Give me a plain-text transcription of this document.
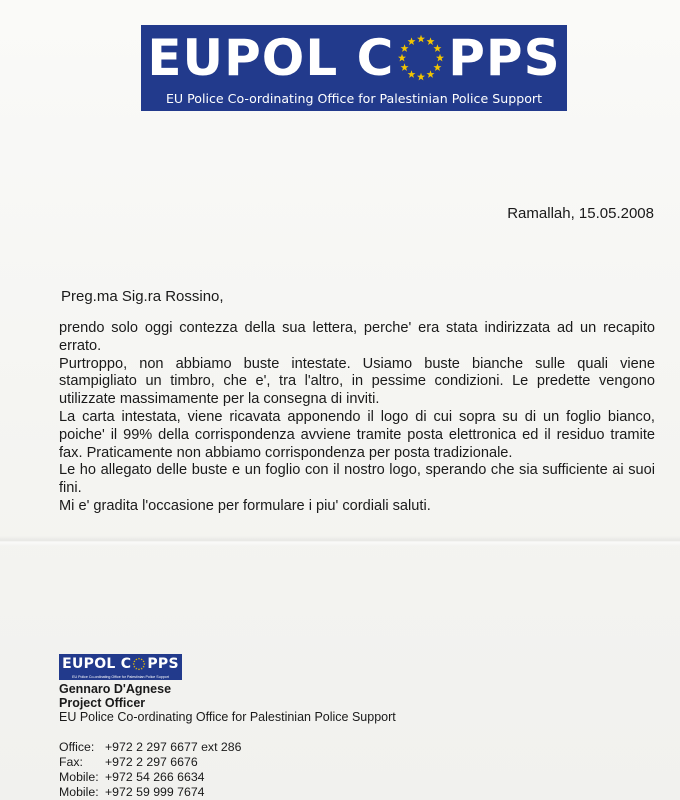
EUPOL C PPS
EU Police Co-ordinating Office for Palestinian Police Support
Ramallah, 15.05.2008
Preg.ma Sig.ra Rossino,

prendo solo oggi contezza della sua lettera, perche' era stata indirizzata ad un recapito errato.

Purtroppo, non abbiamo buste intestate. Usiamo buste bianche sulle quali viene stampigliato un timbro, che e', tra l'altro, in pessime condizioni. Le predette vengono utilizzate massimamente per la consegna di inviti.

La carta intestata, viene ricavata apponendo il logo di cui sopra su di un foglio bianco, poiche' il 99% della corrispondenza avviene tramite posta elettronica ed il residuo tramite fax. Praticamente non abbiamo corrispondenza per posta tradizionale.

Le ho allegato delle buste e un foglio con il nostro logo, sperando che sia sufficiente ai suoi fini.

Mi e' gradita l'occasione per formulare i piu' cordiali saluti.

EUPOL C PPS
EU Police Co-ordinating Office for Palestinian Police Support
Gennaro D'Agnese
Project Officer
EU Police Co-ordinating Office for Palestinian Police Support
Office: +972 2 297 6677 ext 286
Fax:	+972 2 297 6676
Mobile: +972 54 266 6634
Mobile: +972 59 999 7674
